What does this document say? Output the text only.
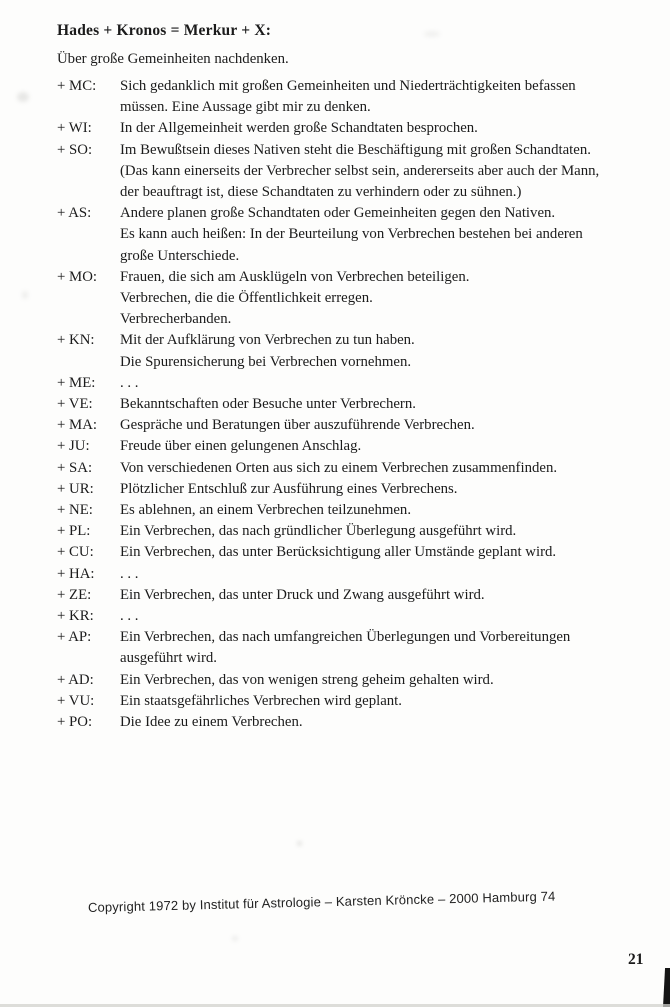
Hades + Kronos = Merkur + X:

Über große Gemeinheiten nachdenken.

+ MC:	Sich gedanklich mit großen Gemeinheiten und Niederträchtigkeiten befassen
müssen. Eine Aussage gibt mir zu denken.
+ WI:	In der Allgemeinheit werden große Schandtaten besprochen.
+ SO:	Im Bewußtsein dieses Nativen steht die Beschäftigung mit großen Schandtaten.
(Das kann einerseits der Verbrecher selbst sein, andererseits aber auch der Mann,
der beauftragt ist, diese Schandtaten zu verhindern oder zu sühnen.)
+ AS:	Andere planen große Schandtaten oder Gemeinheiten gegen den Nativen.
Es kann auch heißen: In der Beurteilung von Verbrechen bestehen bei anderen
große Unterschiede.
+ MO:	Frauen, die sich am Ausklügeln von Verbrechen beteiligen.
Verbrechen, die die Öffentlichkeit erregen.
Verbrecherbanden.
+ KN:	Mit der Aufklärung von Verbrechen zu tun haben.
Die Spurensicherung bei Verbrechen vornehmen.
+ ME:	. . .
+ VE:	Bekanntschaften oder Besuche unter Verbrechern.
+ MA:	Gespräche und Beratungen über auszuführende Verbrechen.
+ JU:	Freude über einen gelungenen Anschlag.
+ SA:	Von verschiedenen Orten aus sich zu einem Verbrechen zusammenfinden.
+ UR:	Plötzlicher Entschluß zur Ausführung eines Verbrechens.
+ NE:	Es ablehnen, an einem Verbrechen teilzunehmen.
+ PL:	Ein Verbrechen, das nach gründlicher Überlegung ausgeführt wird.
+ CU:	Ein Verbrechen, das unter Berücksichtigung aller Umstände geplant wird.
+ HA:	. . .
+ ZE:	Ein Verbrechen, das unter Druck und Zwang ausgeführt wird.
+ KR:	. . .
+ AP:	Ein Verbrechen, das nach umfangreichen Überlegungen und Vorbereitungen
ausgeführt wird.
+ AD:	Ein Verbrechen, das von wenigen streng geheim gehalten wird.
+ VU:	Ein staatsgefährliches Verbrechen wird geplant.
+ PO:	Die Idee zu einem Verbrechen.
Copyright 1972 by Institut für Astrologie – Karsten Kröncke – 2000 Hamburg 74
21
